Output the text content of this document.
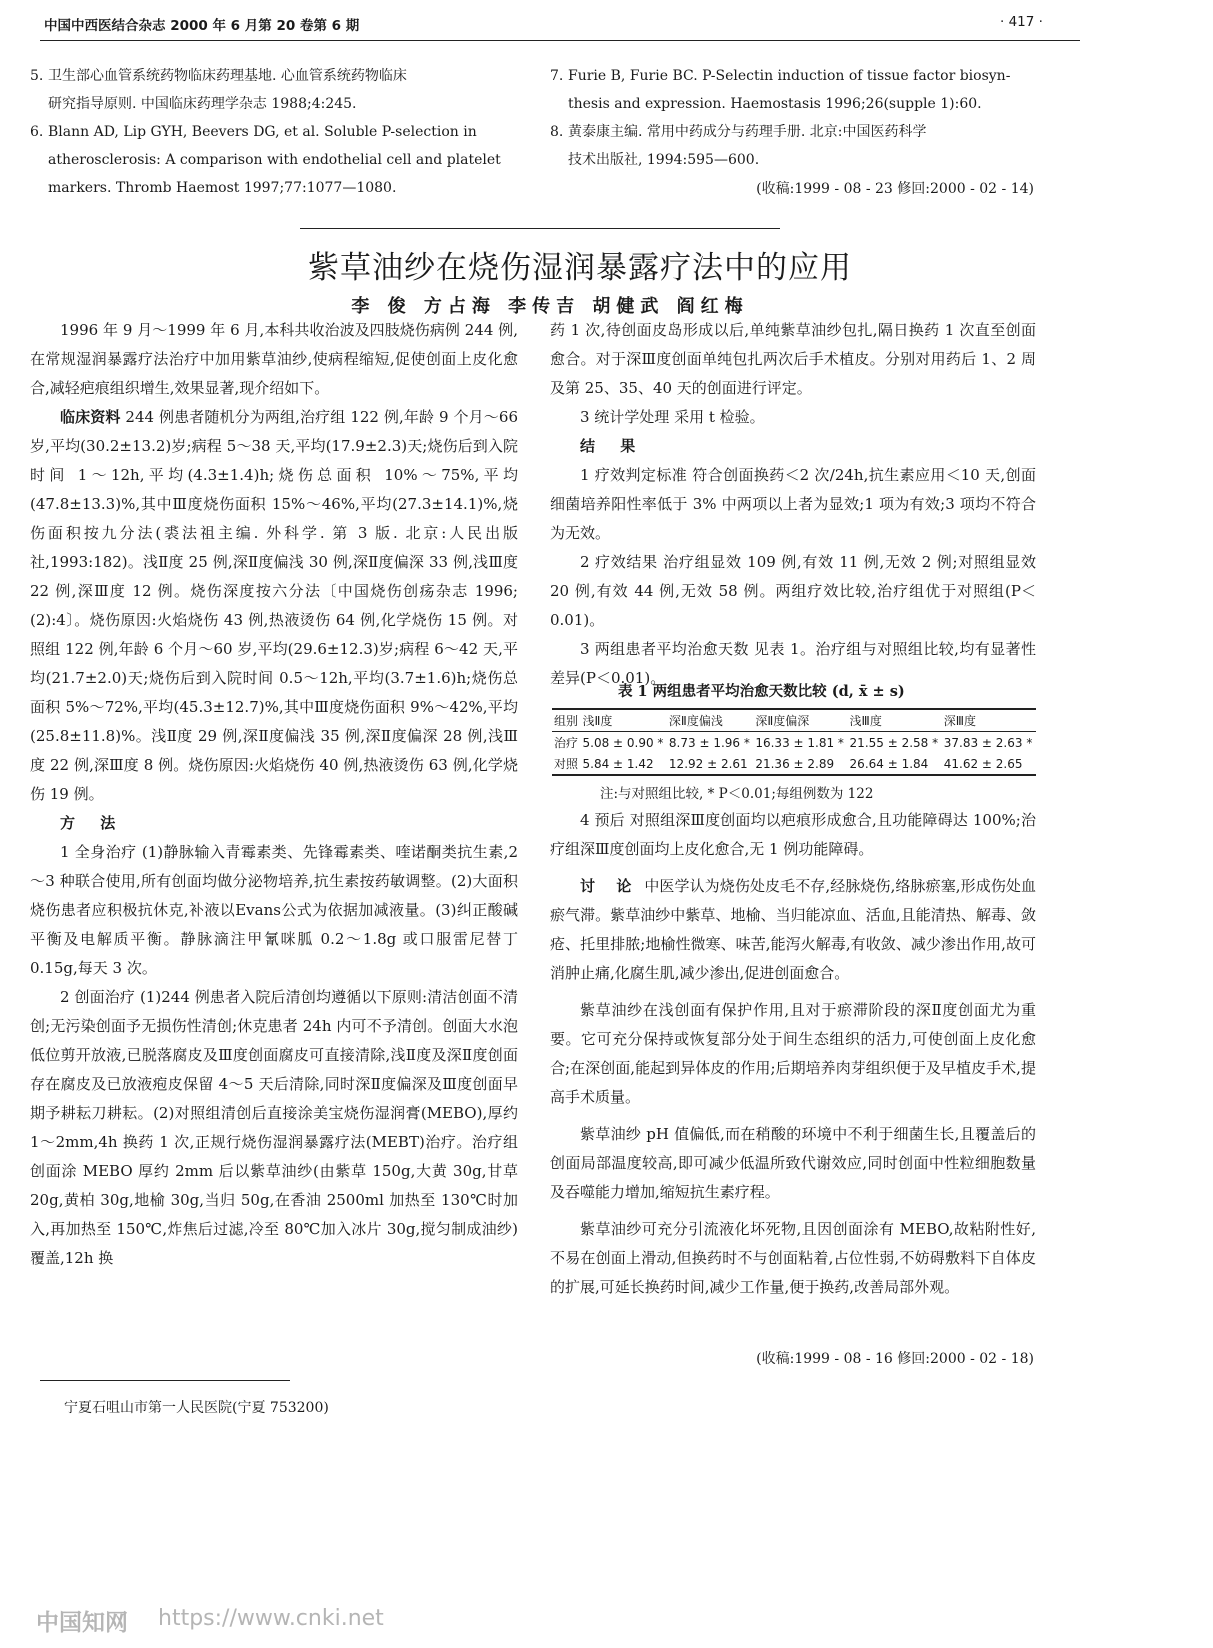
中国中西医结合杂志 2000 年 6 月第 20 卷第 6 期	· 417 ·
5. 卫生部心血管系统药物临床药理基地. 心血管系统药物临床
研究指导原则. 中国临床药理学杂志 1988;4:245.
6. Blann AD, Lip GYH, Beevers DG, et al. Soluble P-selection in
atherosclerosis: A comparison with endothelial cell and platelet
markers. Thromb Haemost 1997;77:1077—1080.
7. Furie B, Furie BC. P-Selectin induction of tissue factor biosyn-
thesis and expression. Haemostasis 1996;26(supple 1):60.
8. 黄泰康主编. 常用中药成分与药理手册. 北京:中国医药科学
技术出版社, 1994:595—600.
(收稿:1999 - 08 - 23 修回:2000 - 02 - 14)
紫草油纱在烧伤湿润暴露疗法中的应用
李 俊 方占海 李传吉 胡健武 阎红梅

1996 年 9 月～1999 年 6 月,本科共收治波及四肢烧伤病例 244 例,在常规湿润暴露疗法治疗中加用紫草油纱,使病程缩短,促使创面上皮化愈合,减轻疤痕组织增生,效果显著,现介绍如下。

临床资料 244 例患者随机分为两组,治疗组 122 例,年龄 9 个月～66 岁,平均(30.2±13.2)岁;病程 5～38 天,平均(17.9±2.3)天;烧伤后到入院时间 1～12h,平均(4.3±1.4)h;烧伤总面积 10%～75%,平均(47.8±13.3)%,其中Ⅲ度烧伤面积 15%～46%,平均(27.3±14.1)%,烧伤面积按九分法(裘法祖主编. 外科学. 第 3 版. 北京:人民出版社,1993:182)。浅Ⅱ度 25 例,深Ⅱ度偏浅 30 例,深Ⅱ度偏深 33 例,浅Ⅲ度 22 例,深Ⅲ度 12 例。烧伤深度按六分法〔中国烧伤创疡杂志 1996;(2):4〕。烧伤原因:火焰烧伤 43 例,热液烫伤 64 例,化学烧伤 15 例。对照组 122 例,年龄 6 个月～60 岁,平均(29.6±12.3)岁;病程 6～42 天,平均(21.7±2.0)天;烧伤后到入院时间 0.5～12h,平均(3.7±1.6)h;烧伤总面积 5%～72%,平均(45.3±12.7)%,其中Ⅲ度烧伤面积 9%～42%,平均(25.8±11.8)%。浅Ⅱ度 29 例,深Ⅱ度偏浅 35 例,深Ⅱ度偏深 28 例,浅Ⅲ度 22 例,深Ⅲ度 8 例。烧伤原因:火焰烧伤 40 例,热液烫伤 63 例,化学烧伤 19 例。

方 法

1 全身治疗 (1)静脉输入青霉素类、先锋霉素类、喹诺酮类抗生素,2～3 种联合使用,所有创面均做分泌物培养,抗生素按药敏调整。(2)大面积烧伤患者应积极抗休克,补液以Evans公式为依据加减液量。(3)纠正酸碱平衡及电解质平衡。静脉滴注甲氰咪胍 0.2～1.8g 或口服雷尼替丁 0.15g,每天 3 次。

2 创面治疗 (1)244 例患者入院后清创均遵循以下原则:清洁创面不清创;无污染创面予无损伤性清创;休克患者 24h 内可不予清创。创面大水泡低位剪开放液,已脱落腐皮及Ⅲ度创面腐皮可直接清除,浅Ⅱ度及深Ⅱ度创面存在腐皮及已放液疱皮保留 4～5 天后清除,同时深Ⅱ度偏深及Ⅲ度创面早期予耕耘刀耕耘。(2)对照组清创后直接涂美宝烧伤湿润膏(MEBO),厚约 1～2mm,4h 换药 1 次,正规行烧伤湿润暴露疗法(MEBT)治疗。治疗组创面涂 MEBO 厚约 2mm 后以紫草油纱(由紫草 150g,大黄 30g,甘草 20g,黄柏 30g,地榆 30g,当归 50g,在香油 2500ml 加热至 130℃时加入,再加热至 150℃,炸焦后过滤,冷至 80℃加入冰片 30g,搅匀制成油纱)覆盖,12h 换

药 1 次,待创面皮岛形成以后,单纯紫草油纱包扎,隔日换药 1 次直至创面愈合。对于深Ⅲ度创面单纯包扎两次后手术植皮。分别对用药后 1、2 周及第 25、35、40 天的创面进行评定。

3 统计学处理 采用 t 检验。

结 果

1 疗效判定标准 符合创面换药＜2 次/24h,抗生素应用＜10 天,创面细菌培养阳性率低于 3% 中两项以上者为显效;1 项为有效;3 项均不符合为无效。

2 疗效结果 治疗组显效 109 例,有效 11 例,无效 2 例;对照组显效 20 例,有效 44 例,无效 58 例。两组疗效比较,治疗组优于对照组(P＜0.01)。

3 两组患者平均治愈天数 见表 1。治疗组与对照组比较,均有显著性差异(P＜0.01)。

表 1 两组患者平均治愈天数比较 (d, x̄ ± s)
组别	浅Ⅱ度	深Ⅱ度偏浅	深Ⅱ度偏深	浅Ⅲ度	深Ⅲ度
治疗	5.08 ± 0.90 *	8.73 ± 1.96 *	16.33 ± 1.81 *	21.55 ± 2.58 *	37.83 ± 2.63 *
对照	5.84 ± 1.42	12.92 ± 2.61	21.36 ± 2.89	26.64 ± 1.84	41.62 ± 2.65
注:与对照组比较, * P＜0.01;每组例数为 122

4 预后 对照组深Ⅲ度创面均以疤痕形成愈合,且功能障碍达 100%;治疗组深Ⅲ度创面均上皮化愈合,无 1 例功能障碍。

讨 论 中医学认为烧伤处皮毛不存,经脉烧伤,络脉瘀塞,形成伤处血瘀气滞。紫草油纱中紫草、地榆、当归能凉血、活血,且能清热、解毒、敛疮、托里排脓;地榆性微寒、味苦,能泻火解毒,有收敛、减少渗出作用,故可消肿止痛,化腐生肌,减少渗出,促进创面愈合。

紫草油纱在浅创面有保护作用,且对于瘀滞阶段的深Ⅱ度创面尤为重要。它可充分保持或恢复部分处于间生态组织的活力,可使创面上皮化愈合;在深创面,能起到异体皮的作用;后期培养肉芽组织便于及早植皮手术,提高手术质量。

紫草油纱 pH 值偏低,而在稍酸的环境中不利于细菌生长,且覆盖后的创面局部温度较高,即可减少低温所致代谢效应,同时创面中性粒细胞数量及吞噬能力增加,缩短抗生素疗程。

紫草油纱可充分引流液化坏死物,且因创面涂有 MEBO,故粘附性好,不易在创面上滑动,但换药时不与创面粘着,占位性弱,不妨碍敷料下自体皮的扩展,可延长换药时间,减少工作量,便于换药,改善局部外观。

(收稿:1999 - 08 - 16 修回:2000 - 02 - 18)
宁夏石咀山市第一人民医院(宁夏 753200)
中国知网 https://www.cnki.net
